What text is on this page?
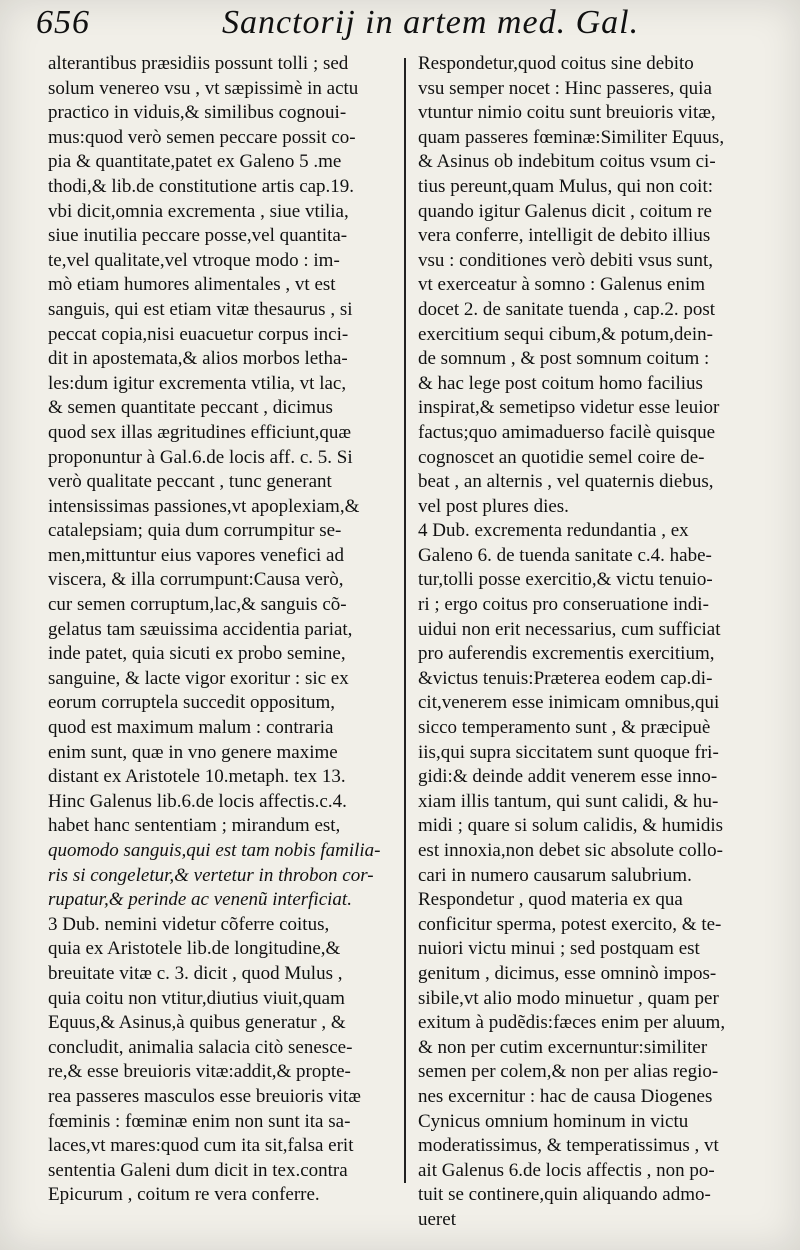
656	Sanctorij in artem med. Gal.
alterantibus præsidiis possunt tolli ; sed
solum venereo vsu , vt sæpissimè in actu
practico in viduis,& similibus cognoui-
mus:quod verò semen peccare possit co-
pia & quantitate,patet ex Galeno 5 .me
thodi,& lib.de constitutione artis cap.19.
vbi dicit,omnia excrementa , siue vtilia,
siue inutilia peccare posse,vel quantita-
te,vel qualitate,vel vtroque modo : im-
mò etiam humores alimentales , vt est
sanguis, qui est etiam vitæ thesaurus , si
peccat copia,nisi euacuetur corpus inci-
dit in apostemata,& alios morbos letha-
les:dum igitur excrementa vtilia, vt lac,
& semen quantitate peccant , dicimus
quod sex illas ægritudines efficiunt,quæ
proponuntur à Gal.6.de locis aff. c. 5. Si
verò qualitate peccant , tunc generant
intensissimas passiones,vt apoplexiam,&
catalepsiam; quia dum corrumpitur se-
men,mittuntur eius vapores venefici ad
viscera, & illa corrumpunt:Causa verò,
cur semen corruptum,lac,& sanguis cõ-
gelatus tam sæuissima accidentia pariat,
inde patet, quia sicuti ex probo semine,
sanguine, & lacte vigor exoritur : sic ex
eorum corruptela succedit oppositum,
quod est maximum malum : contraria
enim sunt, quæ in vno genere maxime
distant ex Aristotele 10.metaph. tex 13.
Hinc Galenus lib.6.de locis affectis.c.4.
habet hanc sententiam ; mirandum est,
quomodo sanguis,qui est tam nobis familia-
ris si congeletur,& vertetur in throbon cor-
rupatur,& perinde ac venenũ interficiat.
3 Dub. nemini videtur cõferre coitus,
quia ex Aristotele lib.de longitudine,&
breuitate vitæ c. 3. dicit , quod Mulus ,
quia coitu non vtitur,diutius viuit,quam
Equus,& Asinus,à quibus generatur , &
concludit, animalia salacia citò senesce-
re,& esse breuioris vitæ:addit,& propte-
rea passeres masculos esse breuioris vitæ
fœminis : fœminæ enim non sunt ita sa-
laces,vt mares:quod cum ita sit,falsa erit
sententia Galeni dum dicit in tex.contra
Epicurum , coitum re vera conferre.
Respondetur,quod coitus sine debito
vsu semper nocet : Hinc passeres, quia
vtuntur nimio coitu sunt breuioris vitæ,
quam passeres fœminæ:Similiter Equus,
& Asinus ob indebitum coitus vsum ci-
tius pereunt,quam Mulus, qui non coit:
quando igitur Galenus dicit , coitum re
vera conferre, intelligit de debito illius
vsu : conditiones verò debiti vsus sunt,
vt exerceatur à somno : Galenus enim
docet 2. de sanitate tuenda , cap.2. post
exercitium sequi cibum,& potum,dein-
de somnum , & post somnum coitum :
& hac lege post coitum homo facilius
inspirat,& semetipso videtur esse leuior
factus;quo amimaduerso facilè quisque
cognoscet an quotidie semel coire de-
beat , an alternis , vel quaternis diebus,
vel post plures dies.
4 Dub. excrementa redundantia , ex
Galeno 6. de tuenda sanitate c.4. habe-
tur,tolli posse exercitio,& victu tenuio-
ri ; ergo coitus pro conseruatione indi-
uidui non erit necessarius, cum sufficiat
pro auferendis excrementis exercitium,
&victus tenuis:Præterea eodem cap.di-
cit,venerem esse inimicam omnibus,qui
sicco temperamento sunt , & præcipuè
iis,qui supra siccitatem sunt quoque fri-
gidi:& deinde addit venerem esse inno-
xiam illis tantum, qui sunt calidi, & hu-
midi ; quare si solum calidis, & humidis
est innoxia,non debet sic absolute collo-
cari in numero causarum salubrium.
Respondetur , quod materia ex qua
conficitur sperma, potest exercito, & te-
nuiori victu minui ; sed postquam est
genitum , dicimus, esse omninò impos-
sibile,vt alio modo minuetur , quam per
exitum à pudẽdis:fæces enim per aluum,
& non per cutim excernuntur:similiter
semen per colem,& non per alias regio-
nes excernitur : hac de causa Diogenes
Cynicus omnium hominum in victu
moderatissimus, & temperatissimus , vt
ait Galenus 6.de locis affectis , non po-
tuit se continere,quin aliquando admo-
ueret
